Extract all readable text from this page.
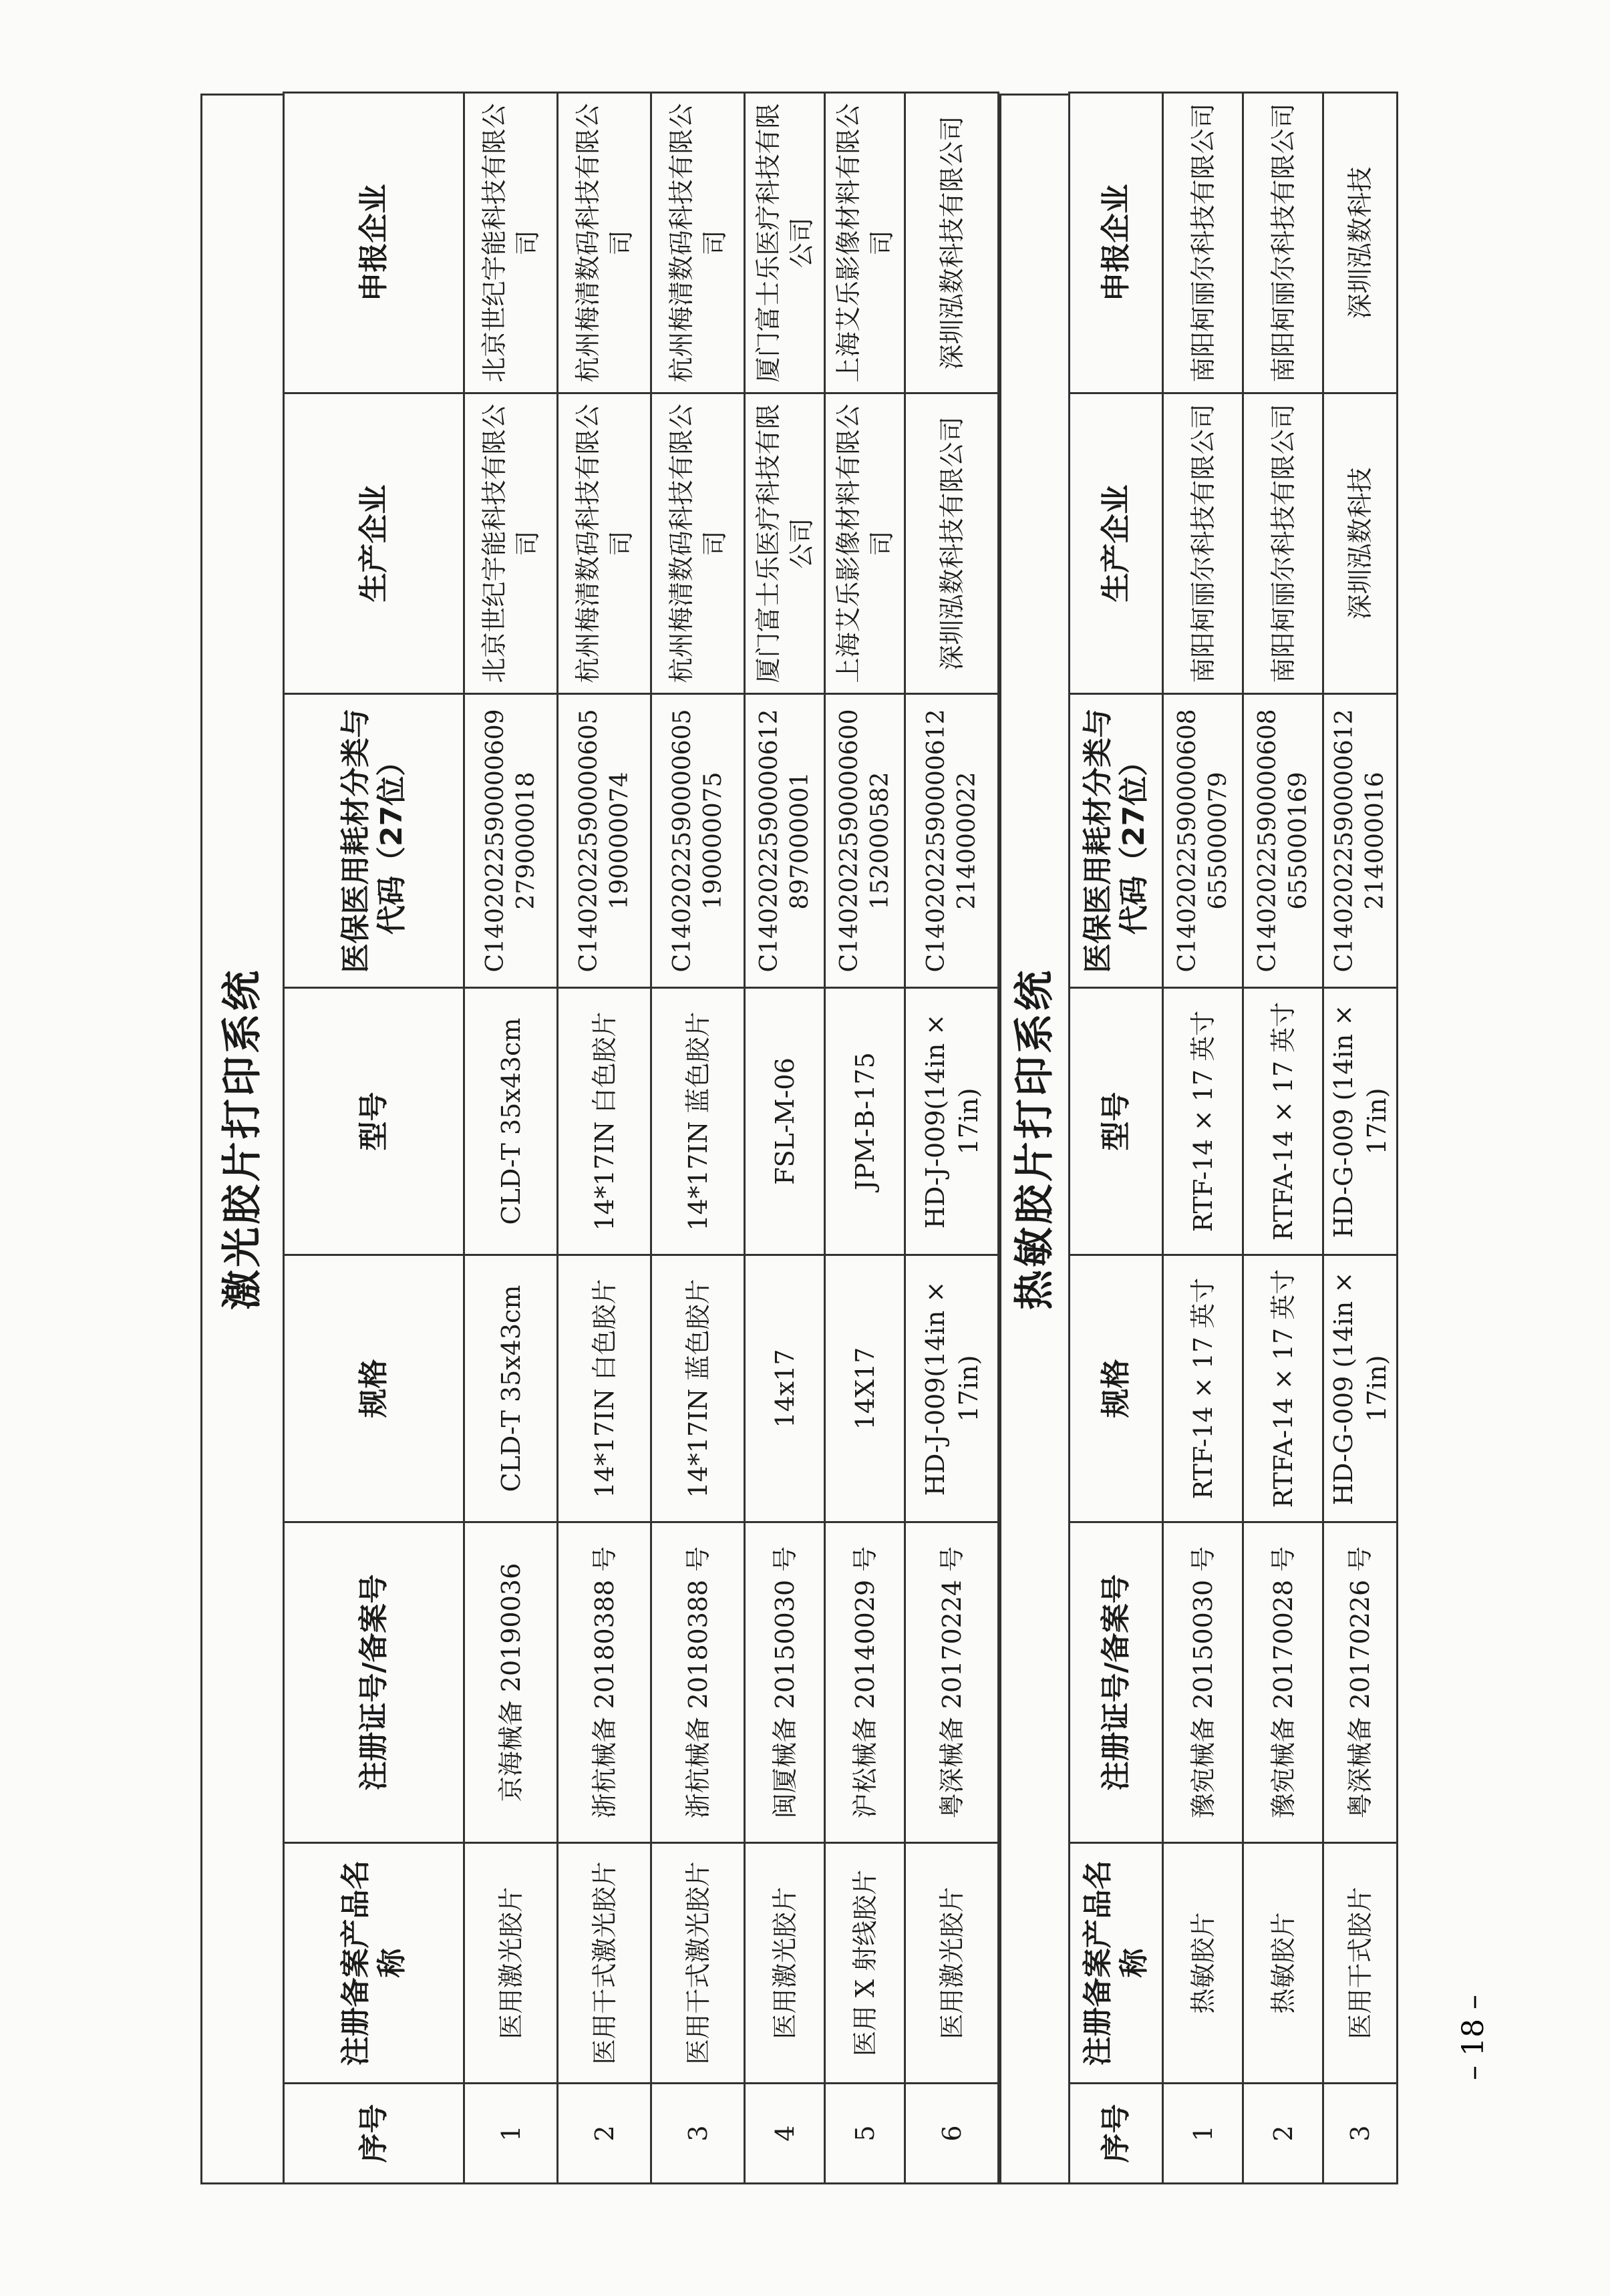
激光胶片打印系统
序号	注册备案产品名称	注册证号/备案号	规格	型号	医保医用耗材分类与代码（27位）	生产企业	申报企业
1	医用激光胶片	京海械备 20190036	CLD-T 35x43cm	CLD-T 35x43cm	C1402022590000609279000018	北京世纪宇能科技有限公司	北京世纪宇能科技有限公司
2	医用干式激光胶片	浙杭械备 20180388 号	14*17IN 白色胶片	14*17IN 白色胶片	C1402022590000605190000074	杭州梅清数码科技有限公司	杭州梅清数码科技有限公司
3	医用干式激光胶片	浙杭械备 20180388 号	14*17IN 蓝色胶片	14*17IN 蓝色胶片	C1402022590000605190000075	杭州梅清数码科技有限公司	杭州梅清数码科技有限公司
4	医用激光胶片	闽厦械备 20150030 号	14x17	FSL-M-06	C1402022590000612897000001	厦门富士乐医疗科技有限公司	厦门富士乐医疗科技有限公司
5	医用 X 射线胶片	沪松械备 20140029 号	14X17	JPM-B-175	C1402022590000600152000582	上海艾乐影像材料有限公司	上海艾乐影像材料有限公司
6	医用激光胶片	粤深械备 20170224 号	HD-J-009(14in × 17in)	HD-J-009(14in × 17in)	C1402022590000612214000022	深圳泓数科技有限公司	深圳泓数科技有限公司
热敏胶片打印系统
序号	注册备案产品名称	注册证号/备案号	规格	型号	医保医用耗材分类与代码（27位）	生产企业	申报企业
1	热敏胶片	豫宛械备 20150030 号	RTF-14 × 17 英寸	RTF-14 × 17 英寸	C1402022590000608655000079	南阳柯丽尔科技有限公司	南阳柯丽尔科技有限公司
2	热敏胶片	豫宛械备 20170028 号	RTFA-14 × 17 英寸	RTFA-14 × 17 英寸	C1402022590000608655000169	南阳柯丽尔科技有限公司	南阳柯丽尔科技有限公司
3	医用干式胶片	粤深械备 20170226 号	HD-G-009 (14in × 17in)	HD-G-009 (14in × 17in)	C1402022590000612214000016	深圳泓数科技	深圳泓数科技
– 18 –
